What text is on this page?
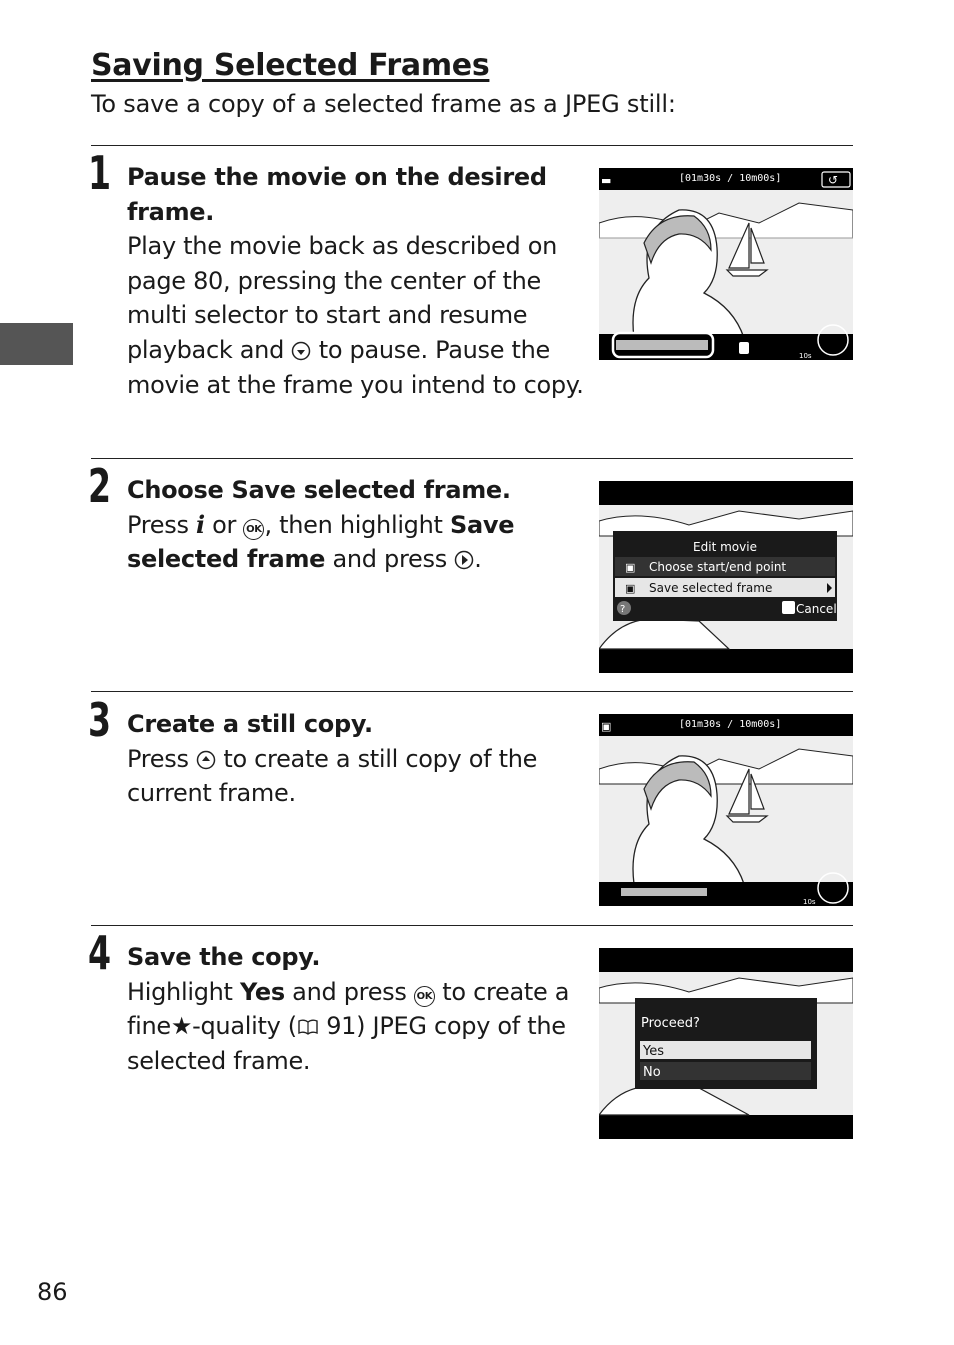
Saving Selected Frames
To save a copy of a selected frame as a JPEG still:
1 Pause the movie on the desired frame.
Play the movie back as described on page 80, pressing the center of the multi selector to start and resume playback and to pause. Pause the movie at the frame you intend to copy.
▬	[01m30s / 10m00s]	↺
10s
2 Choose Save selected frame.
Press i or OK , then highlight Save selected frame and press .	Edit movie
▣ Choose start/end point
▣ Save selected frame
?	Cancel
3 Create a still copy.
Press  to create a still copy of the current frame.
▣	[01m30s / 10m00s]
10s
4 Save the copy.
Highlight Yes and press OK to create a fine★-quality ( 91) JPEG copy of the selected frame.
Proceed?
Yes
No
86
